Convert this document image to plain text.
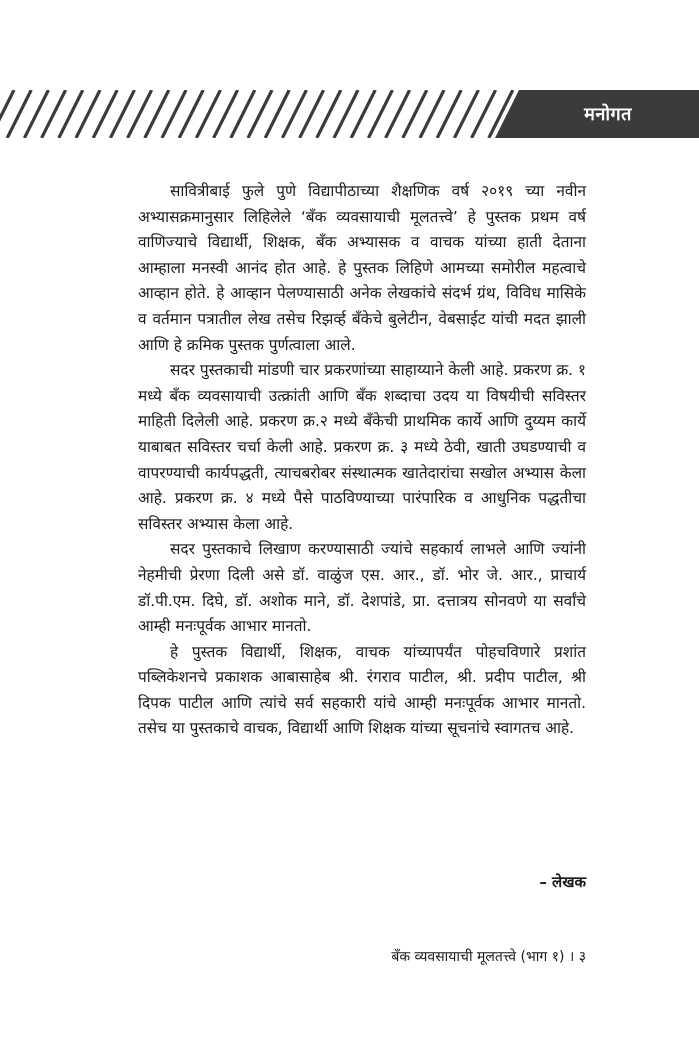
मनोगत

सावित्रीबाई फुले पुणे विद्यापीठाच्या शैक्षणिक वर्ष २०१९ च्या नवीन अभ्यासक्रमानुसार लिहिलेले ‘बँक व्यवसायाची मूलतत्त्वे’ हे पुस्तक प्रथम वर्ष वाणिज्याचे विद्यार्थी, शिक्षक, बँक अभ्यासक व वाचक यांच्या हाती देताना आम्हाला मनस्वी आनंद होत आहे. हे पुस्तक लिहिणे आमच्या समोरील महत्वाचे आव्हान होते. हे आव्हान पेलण्यासाठी अनेक लेखकांचे संदर्भ ग्रंथ, विविध मासिके व वर्तमान पत्रातील लेख तसेच रिझर्व्ह बँकेचे बुलेटीन, वेबसाईट यांची मदत झाली आणि हे क्रमिक पुस्तक पुर्णत्वाला आले.

सदर पुस्तकाची मांडणी चार प्रकरणांच्या साहाय्याने केली आहे. प्रकरण क्र. १ मध्ये बँक व्यवसायाची उत्क्रांती आणि बँक शब्दाचा उदय या विषयीची सविस्तर माहिती दिलेली आहे. प्रकरण क्र.२ मध्ये बँकेची प्राथमिक कार्ये आणि दुय्यम कार्ये याबाबत सविस्तर चर्चा केली आहे. प्रकरण क्र. ३ मध्ये ठेवी, खाती उघडण्याची व वापरण्याची कार्यपद्धती, त्याचबरोबर संस्थात्मक खातेदारांचा सखोल अभ्यास केला आहे. प्रकरण क्र. ४ मध्ये पैसे पाठविण्याच्या पारंपारिक व आधुनिक पद्धतीचा सविस्तर अभ्यास केला आहे.

सदर पुस्तकाचे लिखाण करण्यासाठी ज्यांचे सहकार्य लाभले आणि ज्यांनी नेहमीची प्रेरणा दिली असे डॉ. वाळुंज एस. आर., डॉ. भोर जे. आर., प्राचार्य डॉ.पी.एम. दिघे, डॉ. अशोक माने, डॉ. देशपांडे, प्रा. दत्तात्रय सोनवणे या सर्वांचे आम्ही मनःपूर्वक आभार मानतो.

हे पुस्तक विद्यार्थी, शिक्षक, वाचक यांच्यापर्यंत पोहचविणारे प्रशांत पब्लिकेशनचे प्रकाशक आबासाहेब श्री. रंगराव पाटील, श्री. प्रदीप पाटील, श्री दिपक पाटील आणि त्यांचे सर्व सहकारी यांचे आम्ही मनःपूर्वक आभार मानतो. तसेच या पुस्तकाचे वाचक, विद्यार्थी आणि शिक्षक यांच्या सूचनांचे स्वागतच आहे.

– लेखक
बँक व्यवसायाची मूलतत्त्वे (भाग १) । ३
